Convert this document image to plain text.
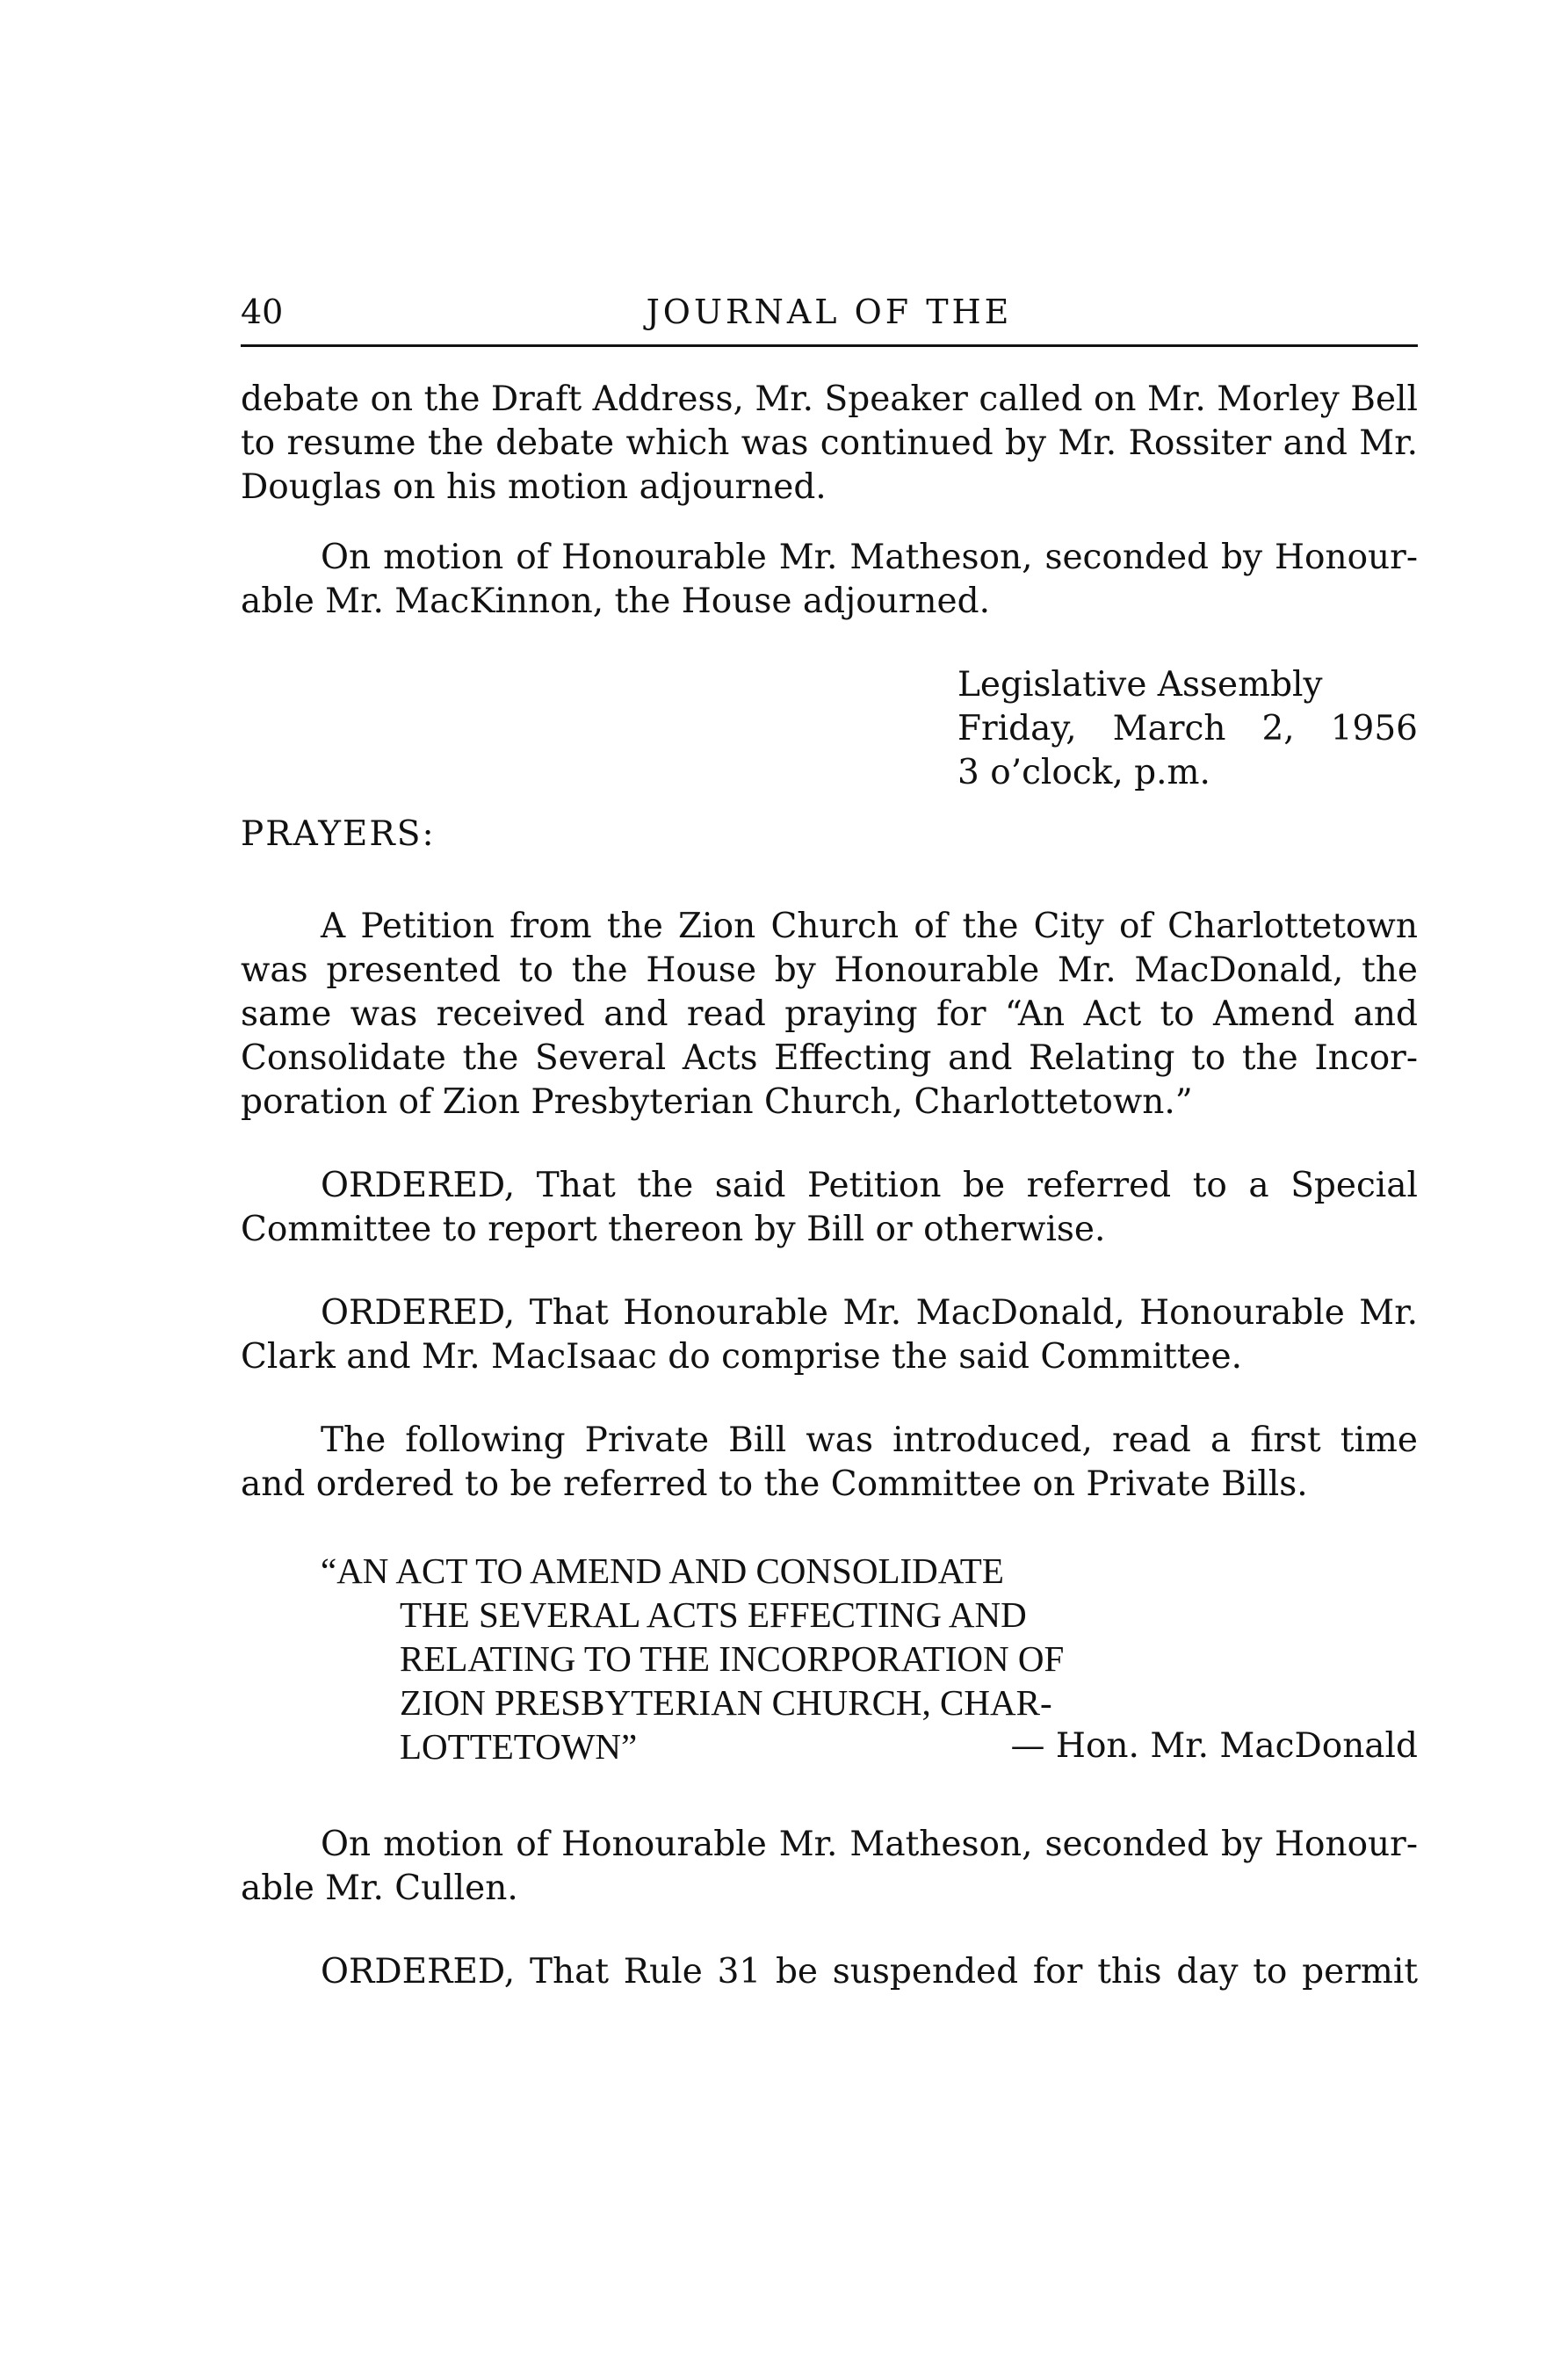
40	JOURNAL OF THE
debate on the Draft Address, Mr. Speaker called on Mr. Morley Bell
to resume the debate which was continued by Mr. Rossiter and Mr.
Douglas on his motion adjourned.
On motion of Honourable Mr. Matheson, seconded by Honour-
able Mr. MacKinnon, the House adjourned.
Legislative Assembly
Friday, March 2, 1956
3 o’clock, p.m.
PRAYERS:
A Petition from the Zion Church of the City of Charlottetown
was presented to the House by Honourable Mr. MacDonald, the
same was received and read praying for “An Act to Amend and
Consolidate the Several Acts Effecting and Relating to the Incor-
poration of Zion Presbyterian Church, Charlottetown.”
ORDERED, That the said Petition be referred to a Special
Committee to report thereon by Bill or otherwise.
ORDERED, That Honourable Mr. MacDonald, Honourable Mr.
Clark and Mr. MacIsaac do comprise the said Committee.
The following Private Bill was introduced, read a first time
and ordered to be referred to the Committee on Private Bills.
“AN ACT TO AMEND AND CONSOLIDATE
THE SEVERAL ACTS EFFECTING AND
RELATING TO THE INCORPORATION OF
ZION PRESBYTERIAN CHURCH, CHAR-
LOTTETOWN”	— Hon. Mr. MacDonald
On motion of Honourable Mr. Matheson, seconded by Honour-
able Mr. Cullen.
ORDERED, That Rule 31 be suspended for this day to permit
